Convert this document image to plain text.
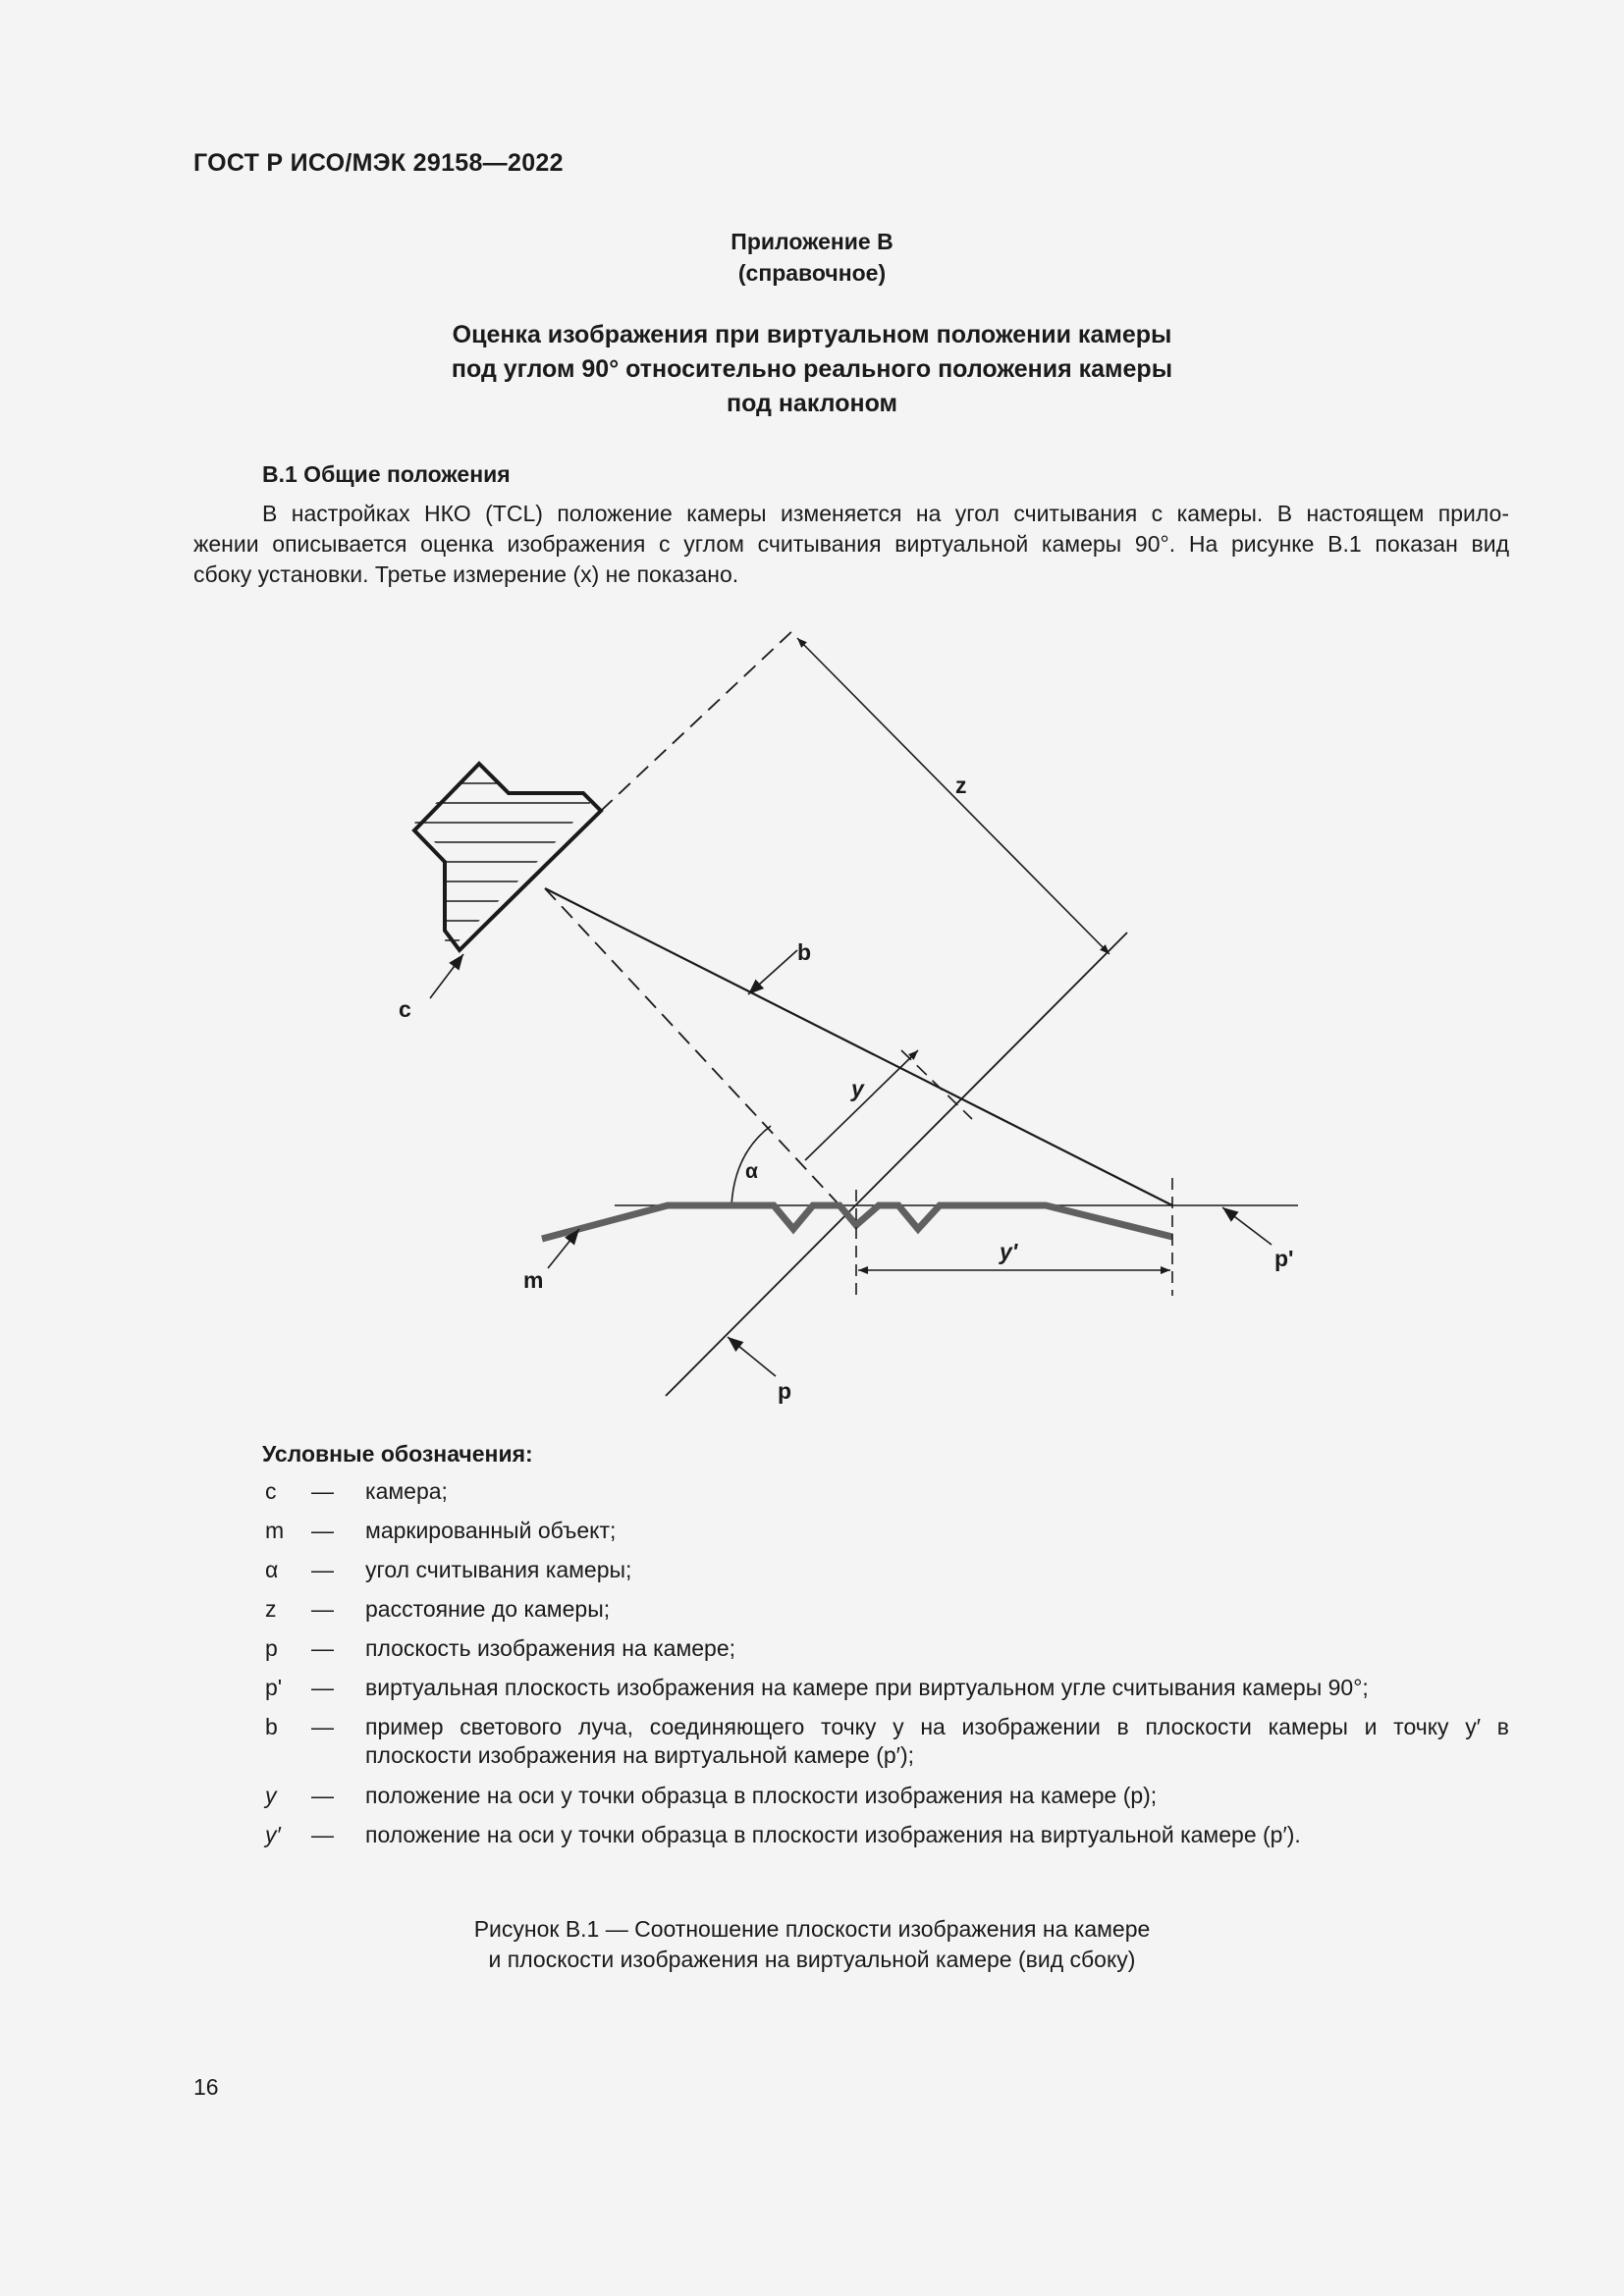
ГОСТ Р ИСО/МЭК 29158—2022
Приложение В
(справочное)
Оценка изображения при виртуальном положении камеры
под углом 90° относительно реального положения камеры
под наклоном
В.1 Общие положения
В настройках НКО (TCL) положение камеры изменяется на угол считывания с камеры. В настоящем прило-
жении описывается оценка изображения с углом считывания виртуальной камеры 90°. На рисунке В.1 показан вид
сбоку установки. Третье измерение (x) не показано.
z
b
c
y
α
m
y'	p'
p
Условные обозначения:
c	— камера;
m	— маркированный объект;
α	— угол считывания камеры;
z	— расстояние до камеры;
p	— плоскость изображения на камере;
p'	— виртуальная плоскость изображения на камере при виртуальном угле считывания камеры 90°;
b	— пример светового луча, соединяющего точку y на изображении в плоскости камеры и точку y′ в
плоскости изображения на виртуальной камере (p′);
y	— положение на оси y точки образца в плоскости изображения на камере (p);
y′	— положение на оси y точки образца в плоскости изображения на виртуальной камере (p′).
Рисунок В.1 — Соотношение плоскости изображения на камере
и плоскости изображения на виртуальной камере (вид сбоку)
16
